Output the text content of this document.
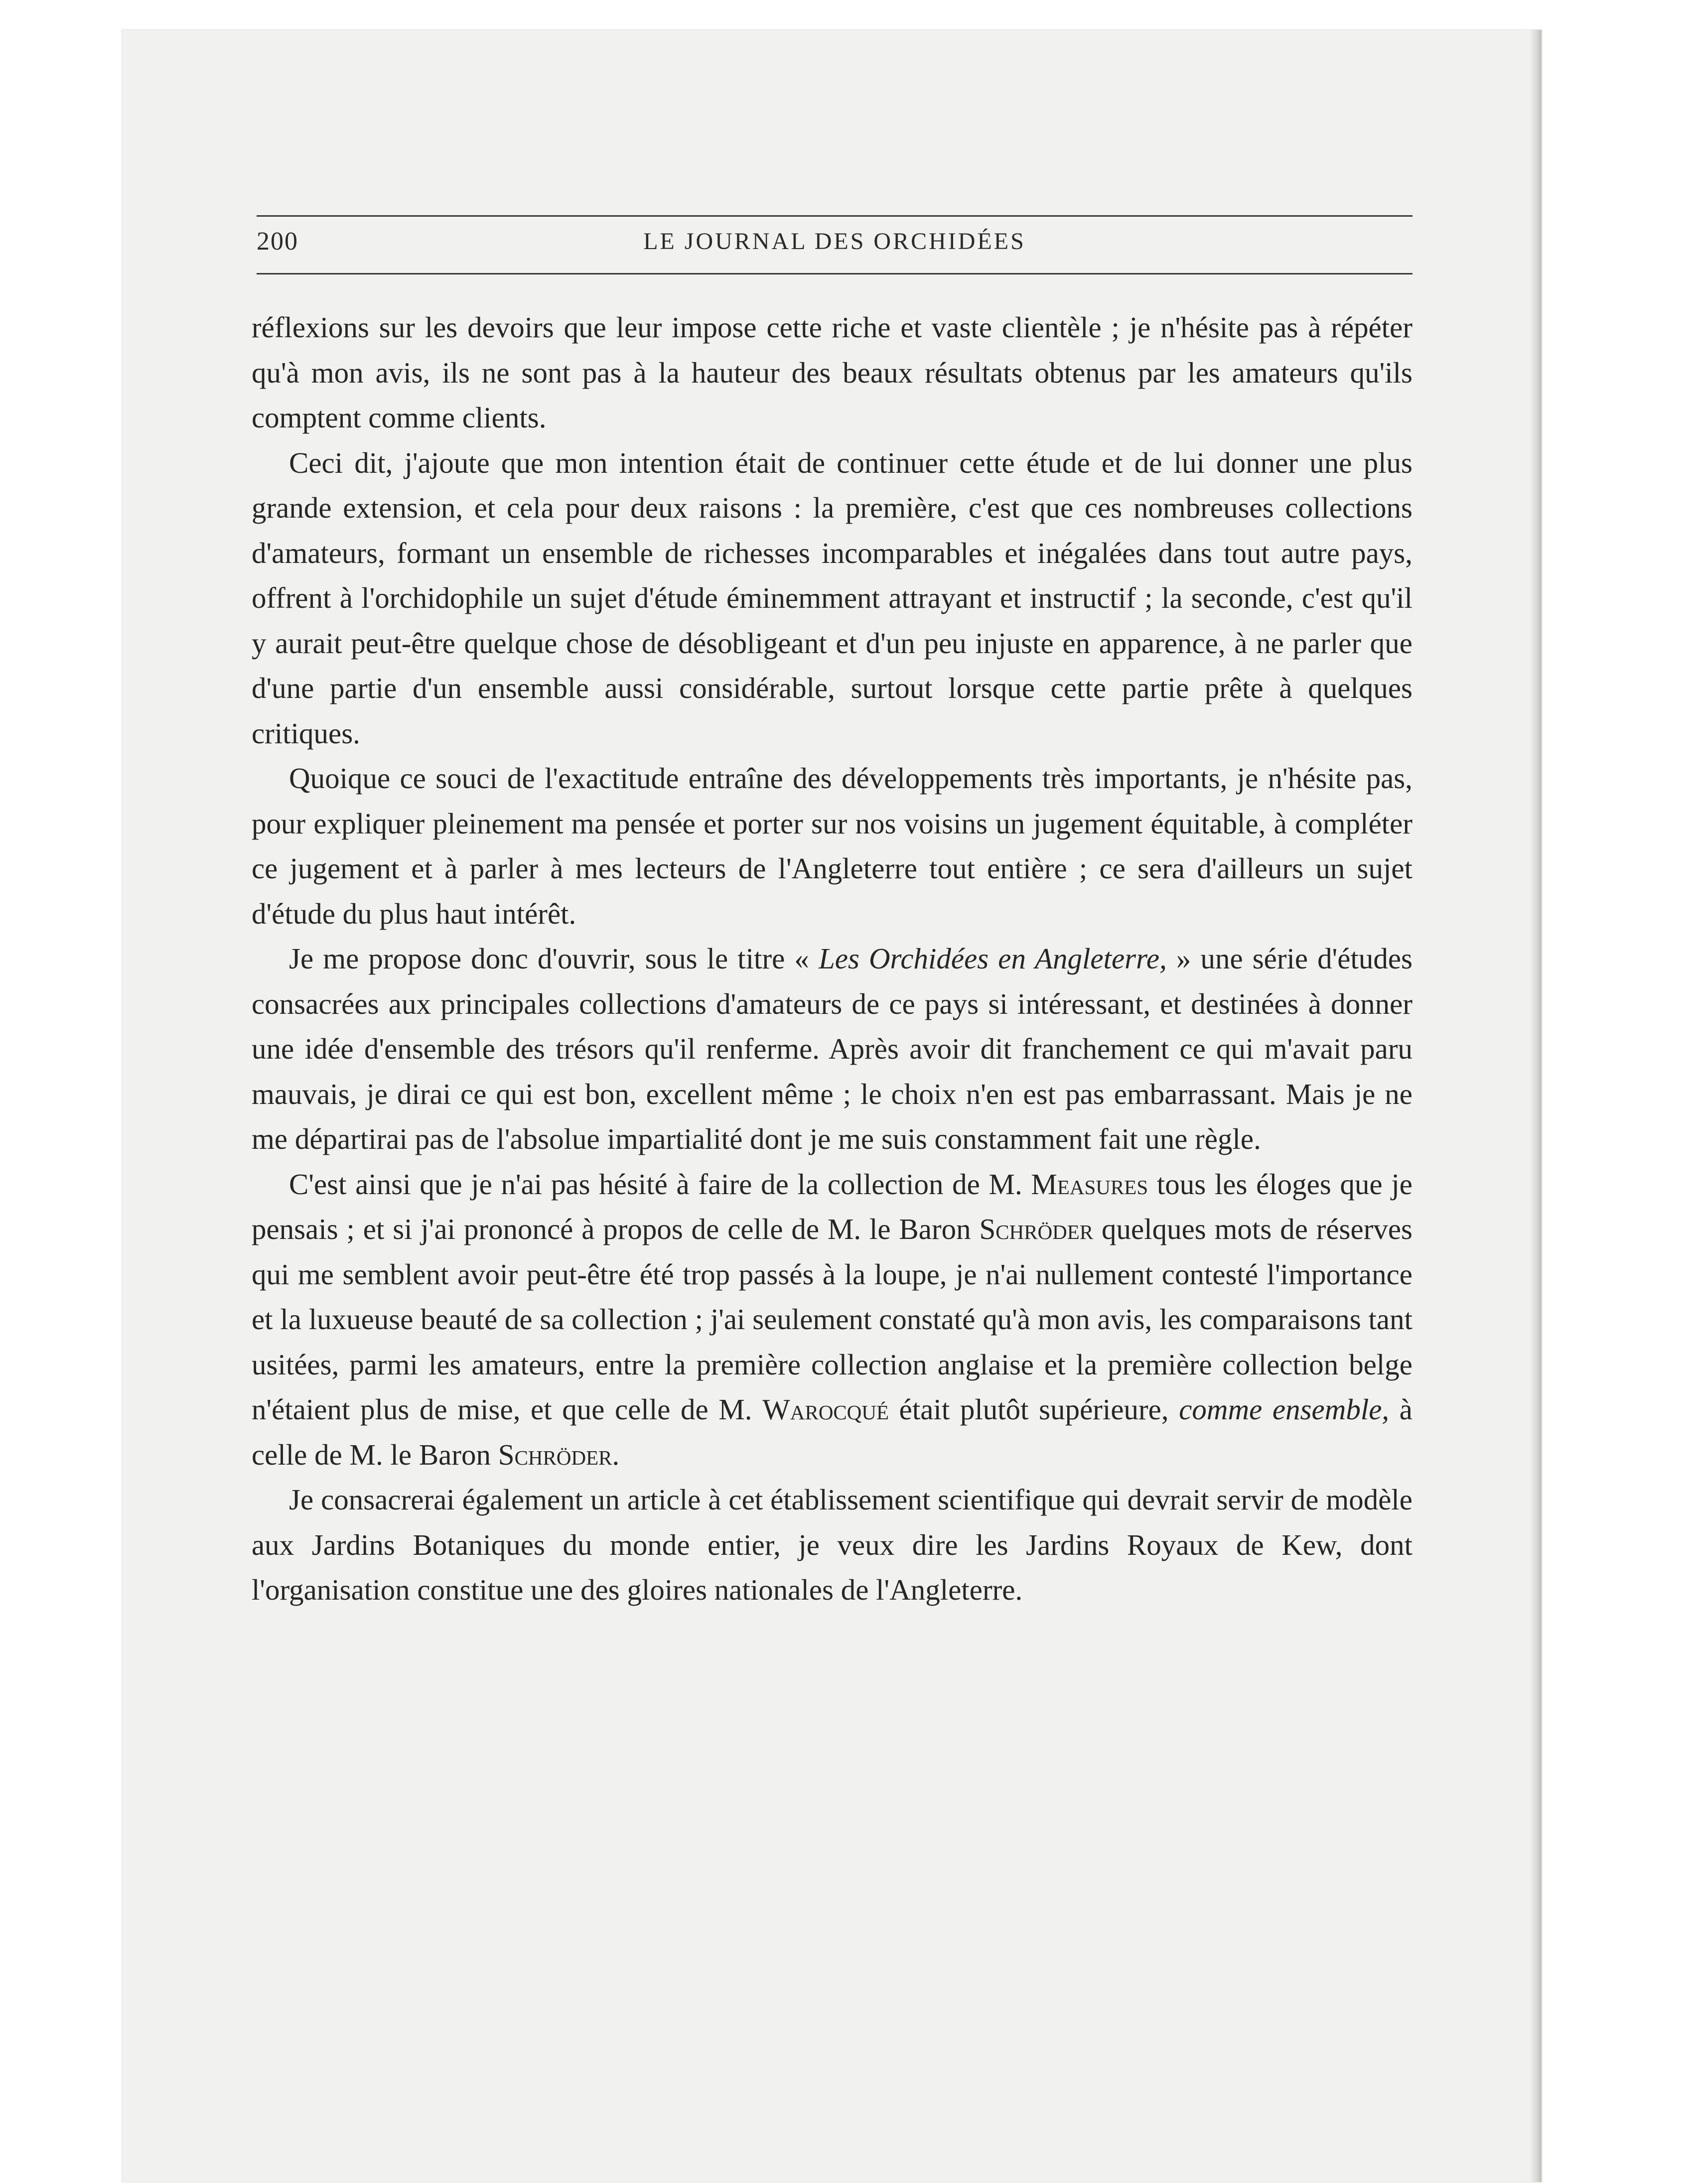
200	LE JOURNAL DES ORCHIDÉES

réflexions sur les devoirs que leur impose cette riche et vaste clientèle ; je n'hésite pas à répéter qu'à mon avis, ils ne sont pas à la hauteur des beaux résultats obtenus par les amateurs qu'ils comptent comme clients.

Ceci dit, j'ajoute que mon intention était de continuer cette étude et de lui donner une plus grande extension, et cela pour deux raisons : la première, c'est que ces nombreuses collections d'amateurs, formant un ensemble de richesses incomparables et inégalées dans tout autre pays, offrent à l'orchidophile un sujet d'étude éminemment attrayant et instructif ; la seconde, c'est qu'il y aurait peut-être quelque chose de désobligeant et d'un peu injuste en apparence, à ne parler que d'une partie d'un ensemble aussi considérable, surtout lorsque cette partie prête à quelques critiques.

Quoique ce souci de l'exactitude entraîne des développements très importants, je n'hésite pas, pour expliquer pleinement ma pensée et porter sur nos voisins un jugement équitable, à compléter ce jugement et à parler à mes lecteurs de l'Angleterre tout entière ; ce sera d'ailleurs un sujet d'étude du plus haut intérêt.

Je me propose donc d'ouvrir, sous le titre « Les Orchidées en Angleterre, » une série d'études consacrées aux principales collections d'amateurs de ce pays si intéressant, et destinées à donner une idée d'ensemble des trésors qu'il renferme. Après avoir dit franchement ce qui m'avait paru mauvais, je dirai ce qui est bon, excellent même ; le choix n'en est pas embarrassant. Mais je ne me départirai pas de l'absolue impartialité dont je me suis constamment fait une règle.

C'est ainsi que je n'ai pas hésité à faire de la collection de M. Measures tous les éloges que je pensais ; et si j'ai prononcé à propos de celle de M. le Baron Schröder quelques mots de réserves qui me semblent avoir peut-être été trop passés à la loupe, je n'ai nullement contesté l'importance et la luxueuse beauté de sa collection ; j'ai seulement constaté qu'à mon avis, les comparaisons tant usitées, parmi les amateurs, entre la première collection anglaise et la première collection belge n'étaient plus de mise, et que celle de M. Warocqué était plutôt supérieure, comme ensemble, à celle de M. le Baron Schröder.

Je consacrerai également un article à cet établissement scientifique qui devrait servir de modèle aux Jardins Botaniques du monde entier, je veux dire les Jardins Royaux de Kew, dont l'organisation constitue une des gloires nationales de l'Angleterre.
